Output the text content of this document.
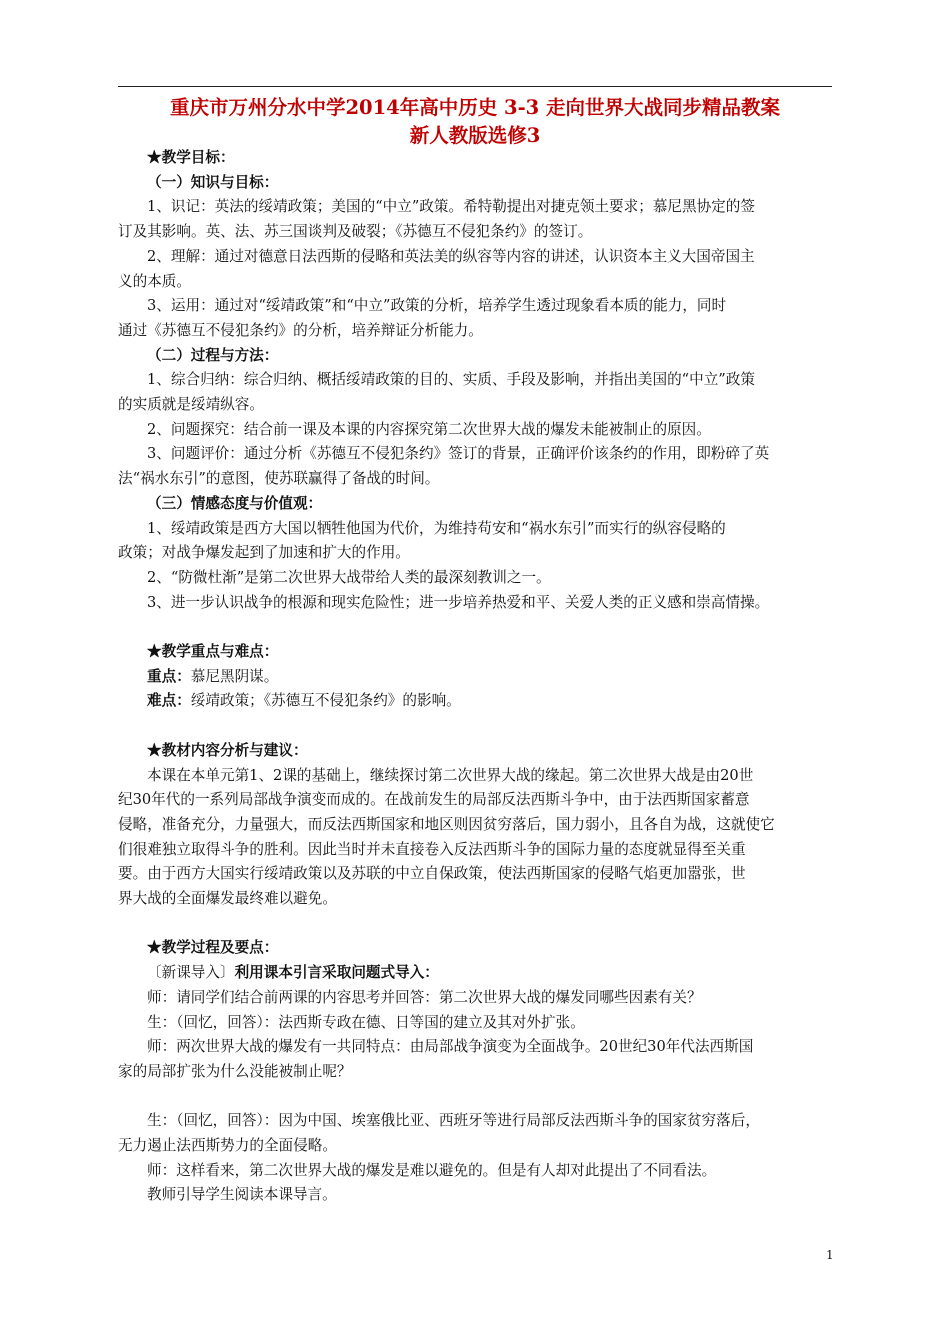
重庆市万州分水中学2014年高中历史 3-3 走向世界大战同步精品教案
新人教版选修3

★教学目标：

（一）知识与目标：

1、识记：英法的绥靖政策；美国的“中立”政策。希特勒提出对捷克领土要求；慕尼黑协定的签

订及其影响。英、法、苏三国谈判及破裂；《苏德互不侵犯条约》的签订。

2、理解：通过对德意日法西斯的侵略和英法美的纵容等内容的讲述，认识资本主义大国帝国主

义的本质。

3、运用：通过对“绥靖政策”和“中立”政策的分析，培养学生透过现象看本质的能力，同时

通过《苏德互不侵犯条约》的分析，培养辩证分析能力。

（二）过程与方法：

1、综合归纳：综合归纳、概括绥靖政策的目的、实质、手段及影响，并指出美国的“中立”政策

的实质就是绥靖纵容。

2、问题探究：结合前一课及本课的内容探究第二次世界大战的爆发未能被制止的原因。

3、问题评价：通过分析《苏德互不侵犯条约》签订的背景，正确评价该条约的作用，即粉碎了英

法“祸水东引”的意图，使苏联赢得了备战的时间。

（三）情感态度与价值观：

1、绥靖政策是西方大国以牺牲他国为代价，为维持苟安和“祸水东引”而实行的纵容侵略的

政策；对战争爆发起到了加速和扩大的作用。

2、“防微杜渐”是第二次世界大战带给人类的最深刻教训之一。

3、进一步认识战争的根源和现实危险性；进一步培养热爱和平、关爱人类的正义感和崇高情操。

★教学重点与难点：

重点：慕尼黑阴谋。

难点：绥靖政策；《苏德互不侵犯条约》的影响。

★教材内容分析与建议：

本课在本单元第1、2课的基础上，继续探讨第二次世界大战的缘起。第二次世界大战是由20世

纪30年代的一系列局部战争演变而成的。在战前发生的局部反法西斯斗争中，由于法西斯国家蓄意

侵略，准备充分，力量强大，而反法西斯国家和地区则因贫穷落后，国力弱小，且各自为战，这就使它

们很难独立取得斗争的胜利。因此当时并未直接卷入反法西斯斗争的国际力量的态度就显得至关重

要。由于西方大国实行绥靖政策以及苏联的中立自保政策，使法西斯国家的侵略气焰更加嚣张，世

界大战的全面爆发最终难以避免。

★教学过程及要点：

〔新课导入〕利用课本引言采取问题式导入：

师：请同学们结合前两课的内容思考并回答：第二次世界大战的爆发同哪些因素有关？

生：（回忆，回答）：法西斯专政在德、日等国的建立及其对外扩张。

师：两次世界大战的爆发有一共同特点：由局部战争演变为全面战争。20世纪30年代法西斯国

家的局部扩张为什么没能被制止呢？

生：（回忆，回答）：因为中国、埃塞俄比亚、西班牙等进行局部反法西斯斗争的国家贫穷落后，

无力遏止法西斯势力的全面侵略。

师：这样看来，第二次世界大战的爆发是难以避免的。但是有人却对此提出了不同看法。

教师引导学生阅读本课导言。

1
